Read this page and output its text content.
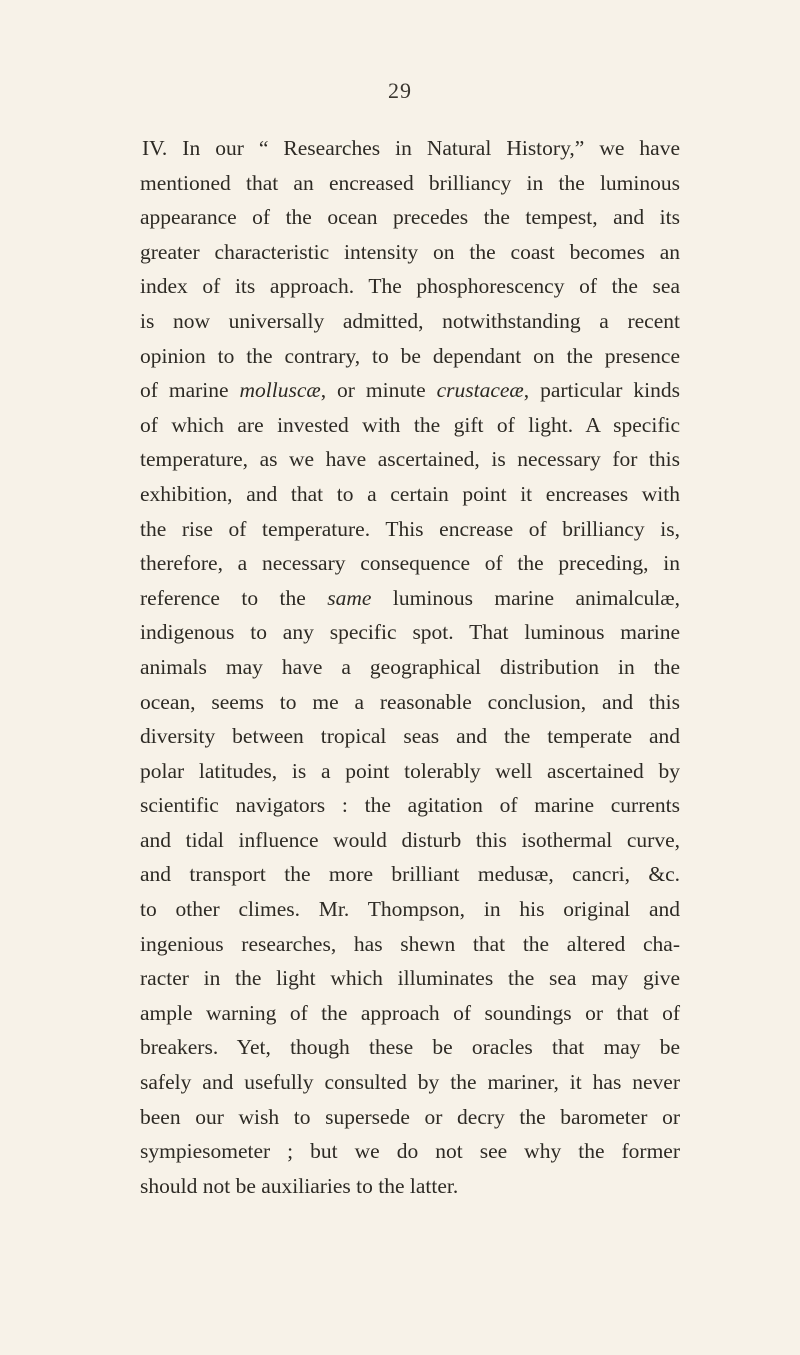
29
IV. In our “ Researches in Natural History,” we have
mentioned that an encreased brilliancy in the luminous
appearance of the ocean precedes the tempest, and its
greater characteristic intensity on the coast becomes an
index of its approach. The phosphorescency of the sea
is now universally admitted, notwithstanding a recent
opinion to the contrary, to be dependant on the presence
of marine molluscæ, or minute crustaceæ, particular kinds
of which are invested with the gift of light. A specific
temperature, as we have ascertained, is necessary for this
exhibition, and that to a certain point it encreases with
the rise of temperature. This encrease of brilliancy is,
therefore, a necessary consequence of the preceding, in
reference to the same luminous marine animalculæ,
indigenous to any specific spot. That luminous marine
animals may have a geographical distribution in the
ocean, seems to me a reasonable conclusion, and this
diversity between tropical seas and the temperate and
polar latitudes, is a point tolerably well ascertained by
scientific navigators : the agitation of marine currents
and tidal influence would disturb this isothermal curve,
and transport the more brilliant medusæ, cancri, &c.
to other climes. Mr. Thompson, in his original and
ingenious researches, has shewn that the altered cha-
racter in the light which illuminates the sea may give
ample warning of the approach of soundings or that of
breakers. Yet, though these be oracles that may be
safely and usefully consulted by the mariner, it has never
been our wish to supersede or decry the barometer or
sympiesometer ; but we do not see why the former
should not be auxiliaries to the latter.
